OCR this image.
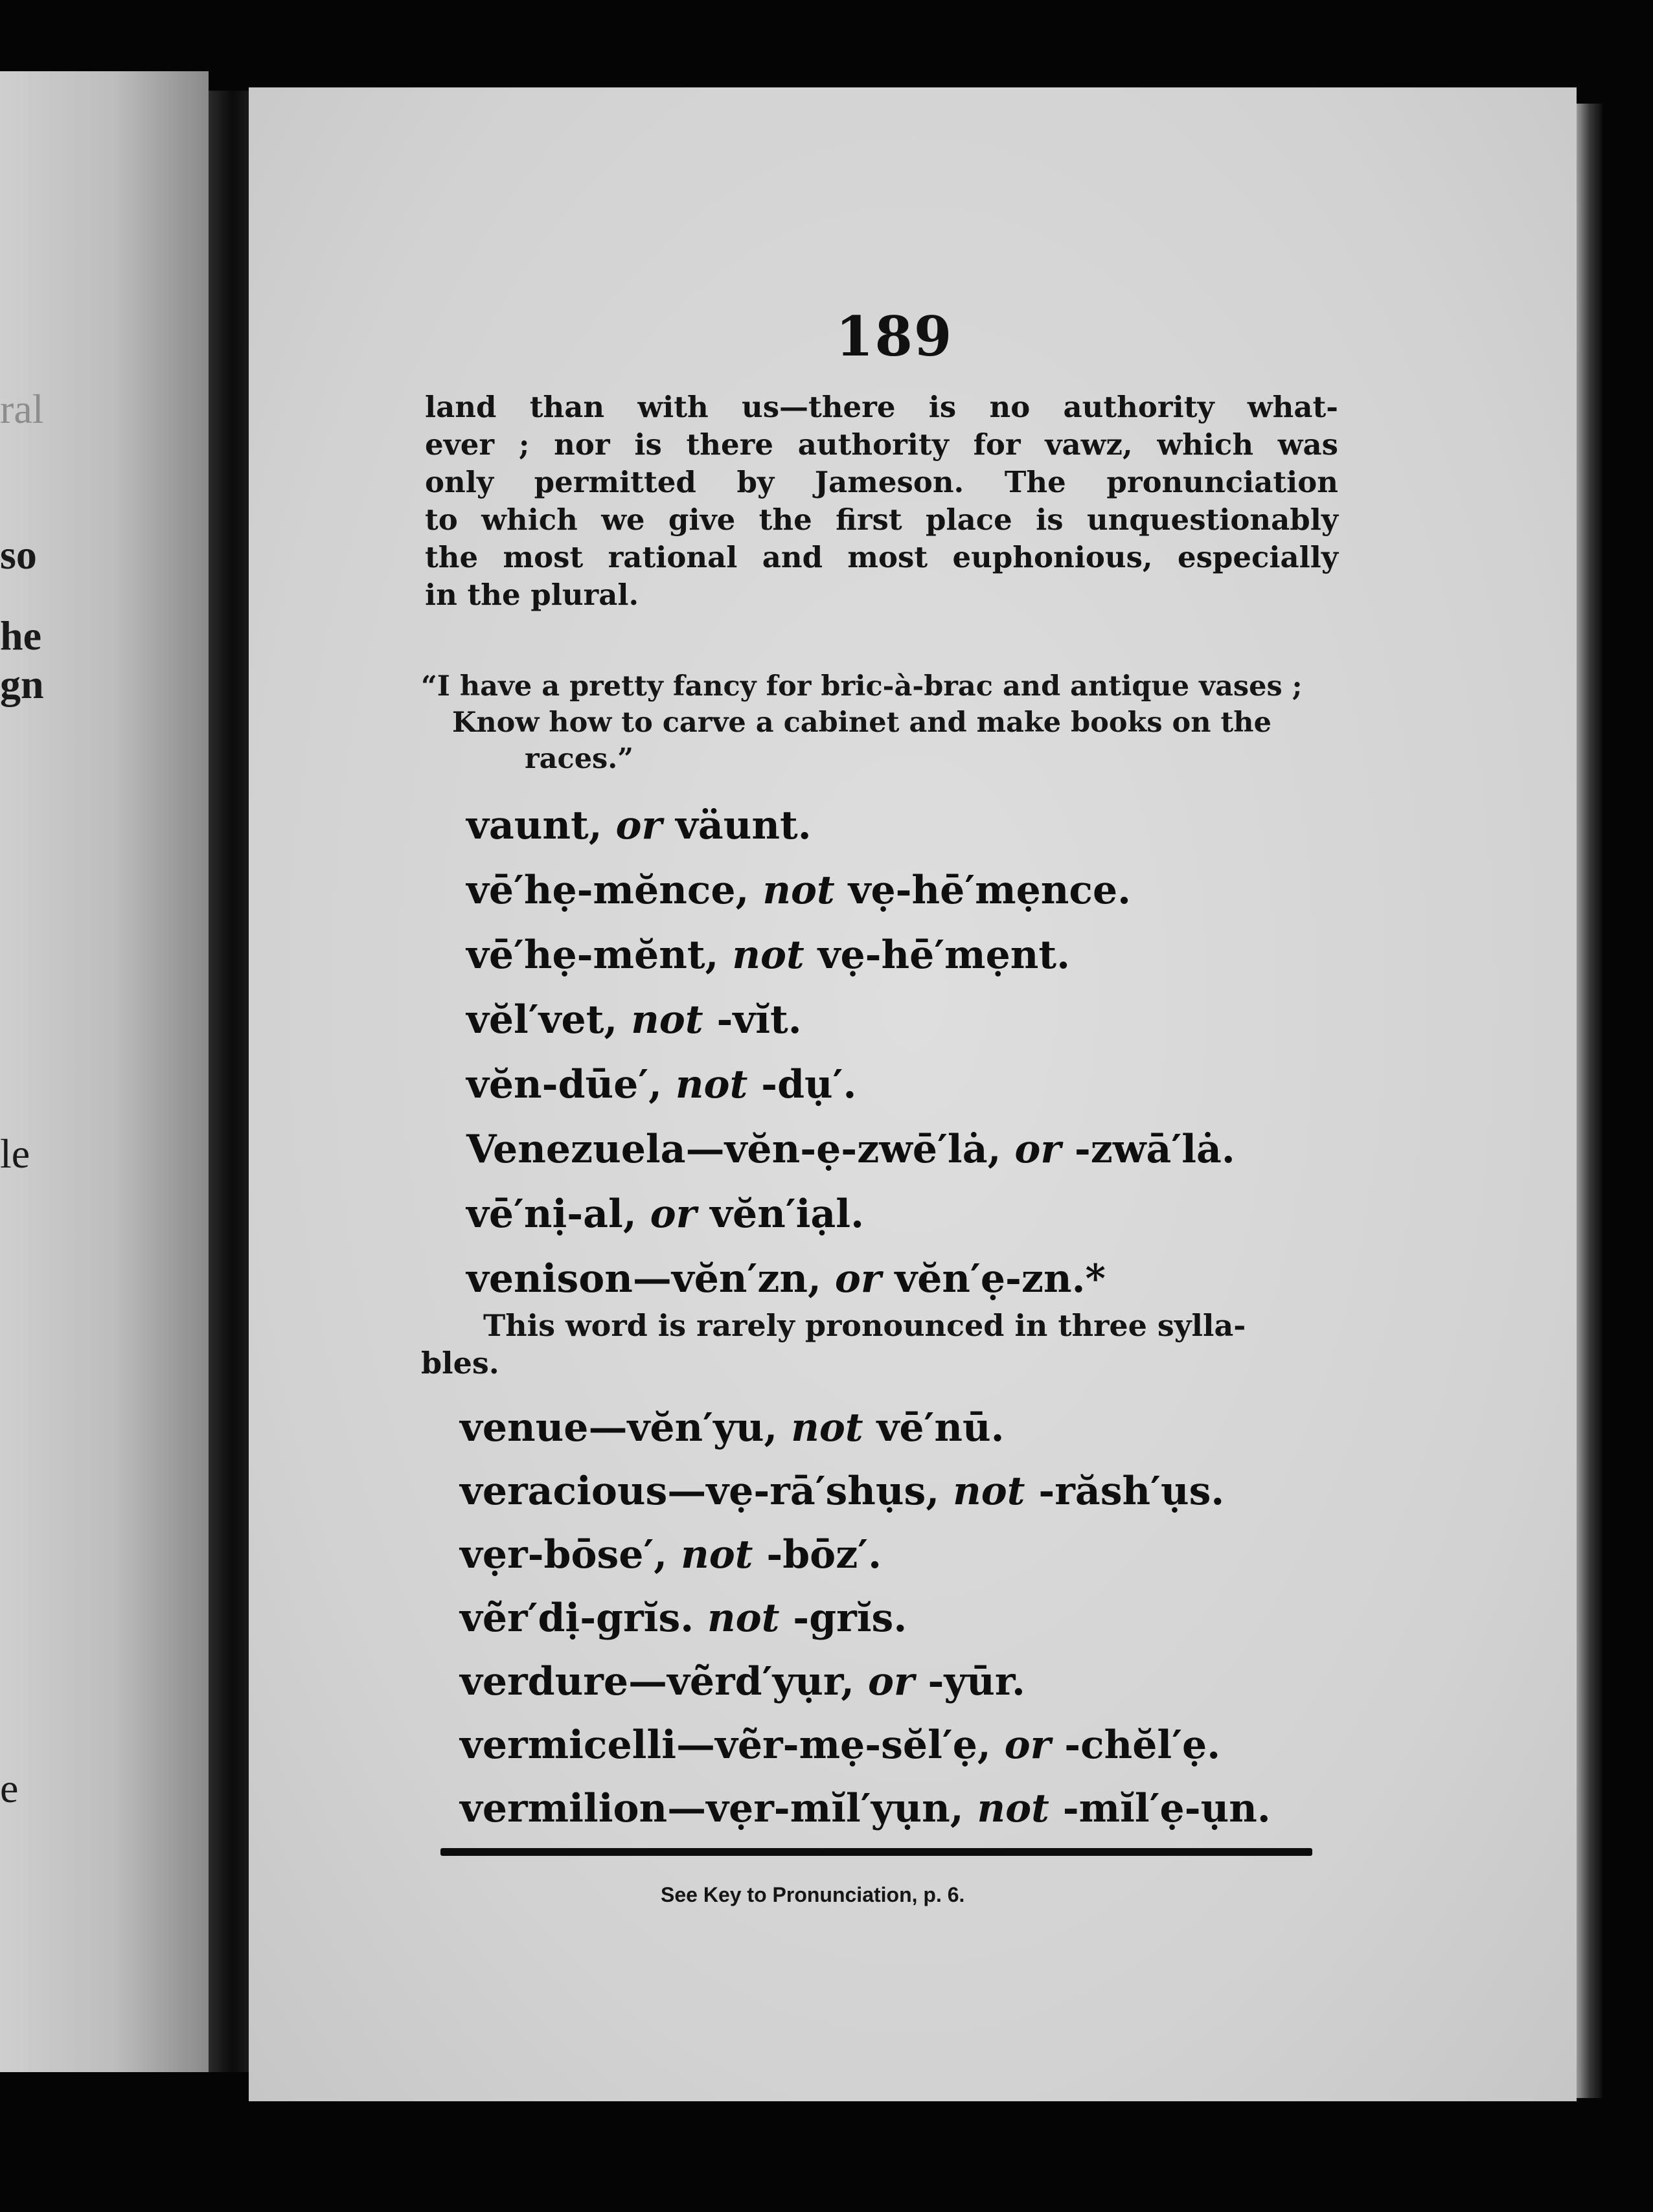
ral
so
he
gn
le
e
189
land than with us—there is no authority what-
ever ; nor is there authority for vawz, which was
only permitted by Jameson. The pronunciation
to which we give the first place is unquestionably
the most rational and most euphonious, especially
in the plural.
“I have a pretty fancy for bric-à-brac and antique vases ;
Know how to carve a cabinet and make books on the
races.”
vaunt, or väunt.
vē′hẹ-mĕnce, not vẹ-hē′mẹnce.
vē′hẹ-mĕnt, not vẹ-hē′mẹnt.
vĕl′vet, not -vĭt.
vĕn-dūe′, not -dụ′.
Venezuela—vĕn-ẹ-zwē′lȧ, or -zwā′lȧ.
vē′nị-al, or vĕn′iạl.
venison—vĕn′zn, or vĕn′ẹ-zn.*
This word is rarely pronounced in three sylla-
bles.
venue—vĕn′yu, not vē′nū.
veracious—vẹ-rā′shụs, not -răsh′ụs.
vẹr-bōse′, not -bōz′.
vẽr′dị-grĭs. not -grĭs.
verdure—vẽrd′yụr, or -yūr.
vermicelli—vẽr-mẹ-sĕl′ẹ, or -chĕl′ẹ.
vermilion—vẹr-mĭl′yụn, not -mĭl′ẹ-ụn.
See Key to Pronunciation, p. 6.
